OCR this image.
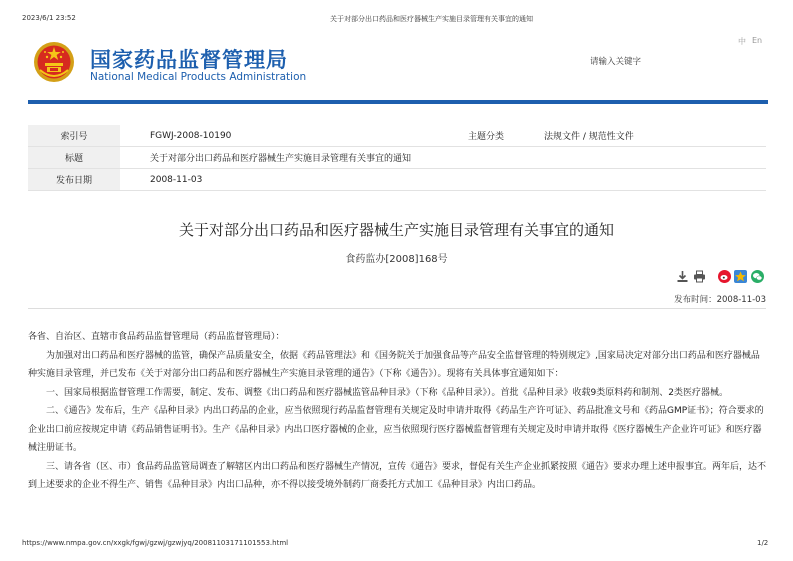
2023/6/1 23:52	关于对部分出口药品和医疗器械生产实施目录管理有关事宜的通知
国家药品监督管理局
National Medical Products Administration
中 En
请输入关键字
索引号	FGWJ-2008-10190	主题分类	法规文件 / 规范性文件
标题	关于对部分出口药品和医疗器械生产实施目录管理有关事宜的通知		
发布日期	2008-11-03		
关于对部分出口药品和医疗器械生产实施目录管理有关事宜的通知
食药监办[2008]168号
发布时间：2008-11-03

各省、自治区、直辖市食品药品监督管理局（药品监督管理局）：

为加强对出口药品和医疗器械的监管，确保产品质量安全，依据《药品管理法》和《国务院关于加强食品等产品安全监督管理的特别规定》,国家局决定对部分出口药品和医疗器械品种实施目录管理，并已发布《关于对部分出口药品和医疗器械生产实施目录管理的通告》（下称《通告》）。现将有关具体事宜通知如下：

一、国家局根据监督管理工作需要，制定、发布、调整《出口药品和医疗器械监管品种目录》（下称《品种目录》）。首批《品种目录》收载9类原料药和制剂、2类医疗器械。

二、《通告》发布后，生产《品种目录》内出口药品的企业，应当依照现行药品监督管理有关规定及时申请并取得《药品生产许可证》、药品批准文号和《药品GMP证书》；符合要求的企业出口前应按规定申请《药品销售证明书》。生产《品种目录》内出口医疗器械的企业，应当依照现行医疗器械监督管理有关规定及时申请并取得《医疗器械生产企业许可证》和医疗器械注册证书。

三、请各省（区、市）食品药品监管局调查了解辖区内出口药品和医疗器械生产情况，宣传《通告》要求，督促有关生产企业抓紧按照《通告》要求办理上述申报事宜。两年后，达不到上述要求的企业不得生产、销售《品种目录》内出口品种，亦不得以接受境外制药厂商委托方式加工《品种目录》内出口药品。

https://www.nmpa.gov.cn/xxgk/fgwj/gzwj/gzwjyq/20081103171101553.html	1/2
